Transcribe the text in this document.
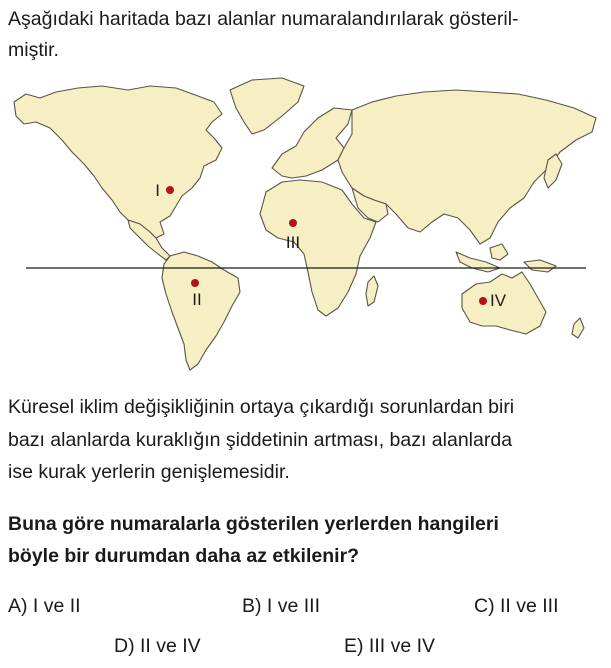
Aşağıdaki haritada bazı alanlar numaralandırılarak gösteril-
miştir.

I
II
III
IV

Küresel iklim değişikliğinin ortaya çıkardığı sorunlardan biri
bazı alanlarda kuraklığın şiddetinin artması, bazı alanlarda
ise kurak yerlerin genişlemesidir.

Buna göre numaralarla gösterilen yerlerden hangileri
böyle bir durumdan daha az etkilenir?

A) I ve II	B) I ve III	C) II ve III
D) II ve IV	E) III ve IV
